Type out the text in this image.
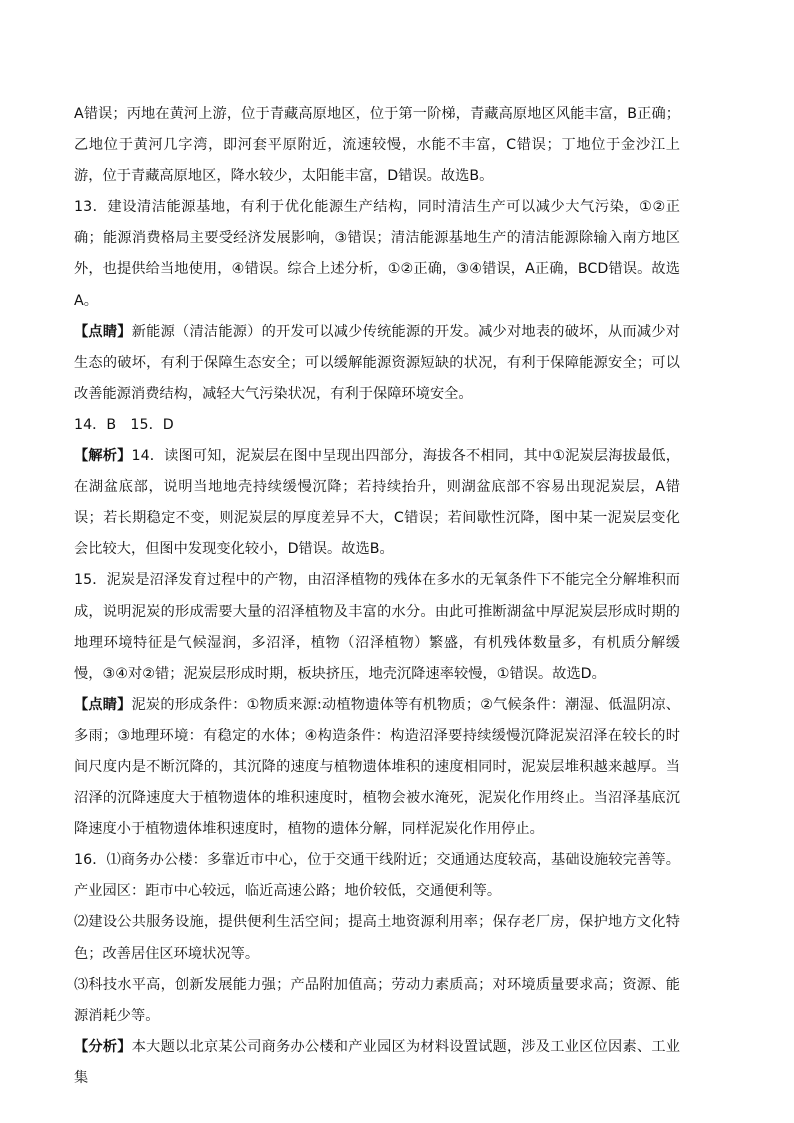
A错误；丙地在黄河上游，位于青藏高原地区，位于第一阶梯，青藏高原地区风能丰富，B正确；乙地位于黄河几字湾，即河套平原附近，流速较慢，水能不丰富，C错误；丁地位于金沙江上游，位于青藏高原地区，降水较少，太阳能丰富，D错误。故选B。

13．建设清洁能源基地，有利于优化能源生产结构，同时清洁生产可以减少大气污染，①②正确；能源消费格局主要受经济发展影响，③错误；清洁能源基地生产的清洁能源除输入南方地区外，也提供给当地使用，④错误。综合上述分析，①②正确，③④错误，A正确，BCD错误。故选A。

【点睛】新能源（清洁能源）的开发可以减少传统能源的开发。减少对地表的破坏，从而减少对生态的破坏，有利于保障生态安全；可以缓解能源资源短缺的状况，有利于保障能源安全；可以改善能源消费结构，减轻大气污染状况，有利于保障环境安全。

14．B　15．D

【解析】14．读图可知，泥炭层在图中呈现出四部分，海拔各不相同，其中①泥炭层海拔最低，在湖盆底部，说明当地地壳持续缓慢沉降；若持续抬升，则湖盆底部不容易出现泥炭层，A错误；若长期稳定不变，则泥炭层的厚度差异不大，C错误；若间歇性沉降，图中某一泥炭层变化会比较大，但图中发现变化较小，D错误。故选B。

15．泥炭是沼泽发育过程中的产物，由沼泽植物的残体在多水的无氧条件下不能完全分解堆积而成，说明泥炭的形成需要大量的沼泽植物及丰富的水分。由此可推断湖盆中厚泥炭层形成时期的地理环境特征是气候湿润，多沼泽，植物（沼泽植物）繁盛，有机残体数量多，有机质分解缓慢，③④对②错；泥炭层形成时期，板块挤压，地壳沉降速率较慢，①错误。故选D。

【点睛】泥炭的形成条件：①物质来源:动植物遗体等有机物质；②气候条件：潮湿、低温阴凉、多雨；③地理环境：有稳定的水体；④构造条件：构造沼泽要持续缓慢沉降泥炭沼泽在较长的时间尺度内是不断沉降的，其沉降的速度与植物遗体堆积的速度相同时，泥炭层堆积越来越厚。当沼泽的沉降速度大于植物遗体的堆积速度时，植物会被水淹死，泥炭化作用终止。当沼泽基底沉降速度小于植物遗体堆积速度时，植物的遗体分解，同样泥炭化作用停止。

16．⑴商务办公楼：多靠近市中心，位于交通干线附近；交通通达度较高，基础设施较完善等。产业园区：距市中心较远，临近高速公路；地价较低，交通便利等。

⑵建设公共服务设施，提供便利生活空间；提高土地资源利用率；保存老厂房，保护地方文化特色；改善居住区环境状况等。

⑶科技水平高，创新发展能力强；产品附加值高；劳动力素质高；对环境质量要求高；资源、能源消耗少等。

【分析】本大题以北京某公司商务办公楼和产业园区为材料设置试题，涉及工业区位因素、工业集
